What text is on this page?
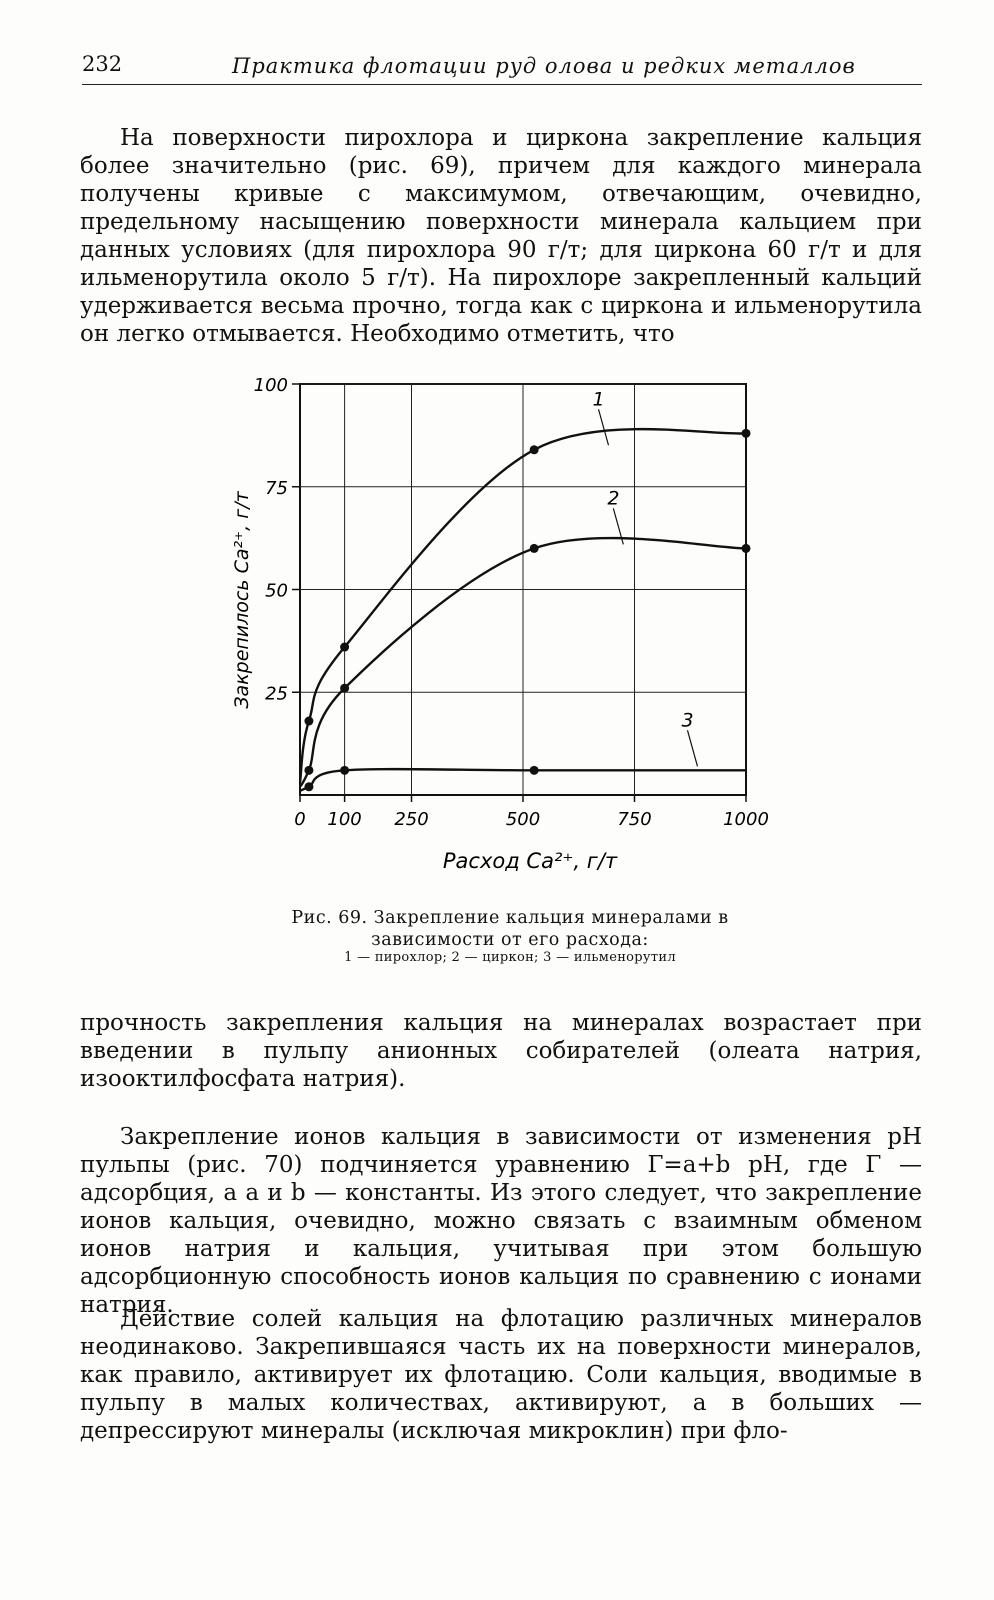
232	Практика флотации руд олова и редких металлов

На поверхности пирохлора и циркона закрепление кальция более значительно (рис. 69), причем для каждого минерала получены кривые с максимумом, отвечающим, очевидно, предельному насыщению поверхности минерала кальцием при данных условиях (для пирохлора 90 г/т; для циркона 60 г/т и для ильменорутила около 5 г/т). На пирохлоре закрепленный кальций удерживается весьма прочно, тогда как с циркона и ильменорутила он легко отмывается. Необходимо отметить, что

1
2
3
25
50
75
100
0 100 250	500	750	1000
Расход Ca²⁺, г/т
Закрепилось Ca²⁺, г/т
Рис. 69. Закрепление кальция минералами в зависимости от его расхода:
1 — пирохлор; 2 — циркон; 3 — ильменорутил

прочность закрепления кальция на минералах возрастает при введении в пульпу анионных собирателей (олеата натрия, изооктилфосфата натрия).

Закрепление ионов кальция в зависимости от изменения pH пульпы (рис. 70) подчиняется уравнению Γ=a+b pH, где Γ — адсорбция, а a и b — константы. Из этого следует, что закрепление ионов кальция, очевидно, можно связать с взаимным обменом ионов натрия и кальция, учитывая при этом большую адсорбционную способность ионов кальция по сравнению с ионами натрия.

Действие солей кальция на флотацию различных минералов неодинаково. Закрепившаяся часть их на поверхности минералов, как правило, активирует их флотацию. Соли кальция, вводимые в пульпу в малых количествах, активируют, а в больших — депрессируют минералы (исключая микроклин) при фло-
